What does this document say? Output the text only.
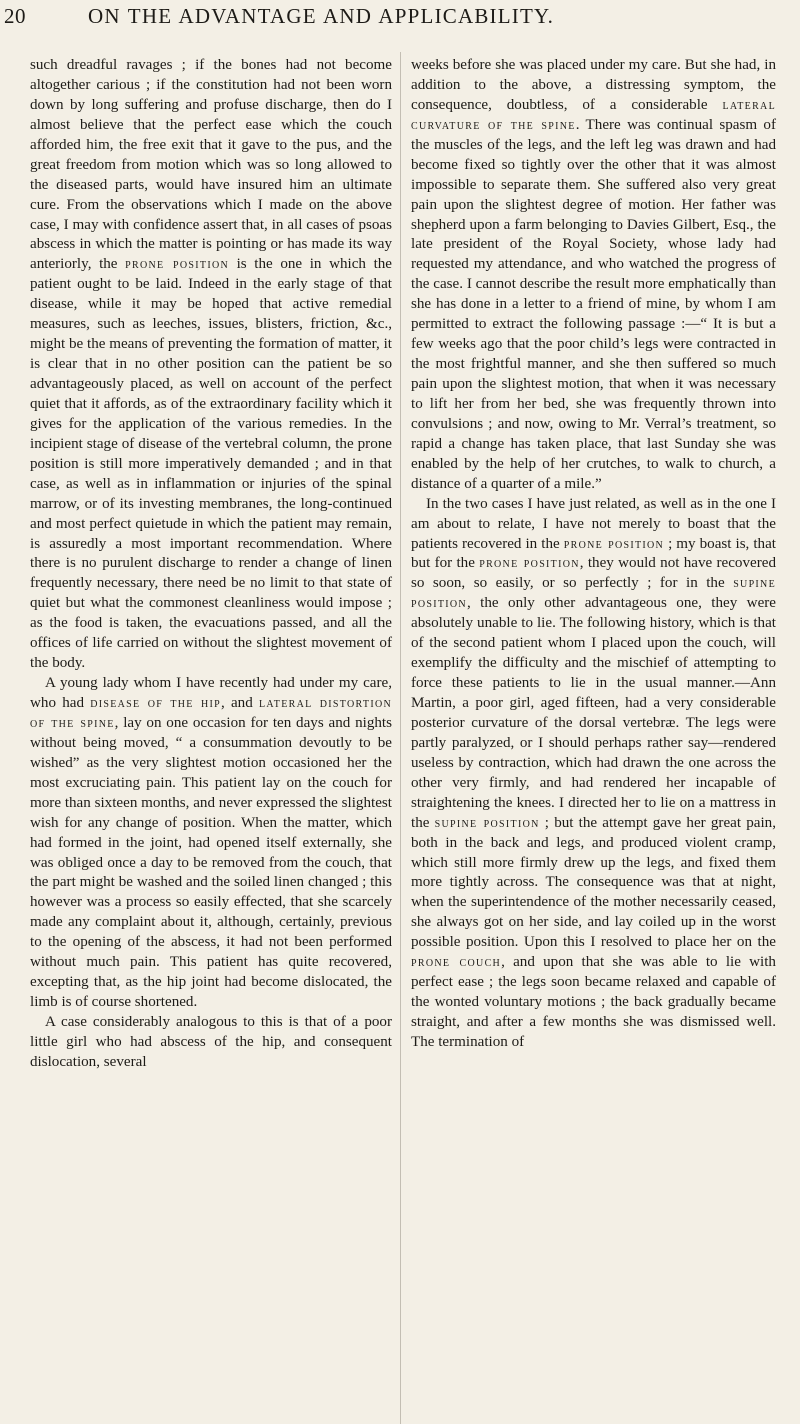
20	ON THE ADVANTAGE AND APPLICABILITY.

such dreadful ravages ; if the bones had not become altogether carious ; if the constitution had not been worn down by long suffering and profuse discharge, then do I almost believe that the perfect ease which the couch afforded him, the free exit that it gave to the pus, and the great freedom from motion which was so long allowed to the diseased parts, would have insured him an ultimate cure. From the observations which I made on the above case, I may with confidence assert that, in all cases of psoas abscess in which the matter is pointing or has made its way anteriorly, the prone position is the one in which the patient ought to be laid. Indeed in the early stage of that disease, while it may be hoped that active remedial measures, such as leeches, issues, blisters, friction, &c., might be the means of preventing the formation of matter, it is clear that in no other position can the patient be so advantageously placed, as well on account of the perfect quiet that it affords, as of the extraordinary facility which it gives for the application of the various remedies. In the incipient stage of disease of the vertebral column, the prone position is still more imperatively demanded ; and in that case, as well as in inflammation or injuries of the spinal marrow, or of its investing membranes, the long-continued and most perfect quietude in which the patient may remain, is assuredly a most important recommendation. Where there is no purulent discharge to render a change of linen frequently necessary, there need be no limit to that state of quiet but what the commonest cleanliness would impose ; as the food is taken, the evacuations passed, and all the offices of life carried on without the slightest movement of the body.

A young lady whom I have recently had under my care, who had disease of the hip, and lateral distortion of the spine, lay on one occasion for ten days and nights without being moved, “ a consummation devoutly to be wished” as the very slightest motion occasioned her the most excruciating pain. This patient lay on the couch for more than sixteen months, and never expressed the slightest wish for any change of position. When the matter, which had formed in the joint, had opened itself externally, she was obliged once a day to be removed from the couch, that the part might be washed and the soiled linen changed ; this however was a process so easily effected, that she scarcely made any complaint about it, although, certainly, previous to the opening of the abscess, it had not been performed without much pain. This patient has quite recovered, excepting that, as the hip joint had become dislocated, the limb is of course shortened.

A case considerably analogous to this is that of a poor little girl who had abscess of the hip, and consequent dislocation, several

weeks before she was placed under my care. But she had, in addition to the above, a distressing symptom, the consequence, doubtless, of a considerable lateral curvature of the spine. There was continual spasm of the muscles of the legs, and the left leg was drawn and had become fixed so tightly over the other that it was almost impossible to separate them. She suffered also very great pain upon the slightest degree of motion. Her father was shepherd upon a farm belonging to Davies Gilbert, Esq., the late president of the Royal Society, whose lady had requested my attendance, and who watched the progress of the case. I cannot describe the result more emphatically than she has done in a letter to a friend of mine, by whom I am permitted to extract the following passage :—“ It is but a few weeks ago that the poor child’s legs were contracted in the most frightful manner, and she then suffered so much pain upon the slightest motion, that when it was necessary to lift her from her bed, she was frequently thrown into convulsions ; and now, owing to Mr. Verral’s treatment, so rapid a change has taken place, that last Sunday she was enabled by the help of her crutches, to walk to church, a distance of a quarter of a mile.”

In the two cases I have just related, as well as in the one I am about to relate, I have not merely to boast that the patients recovered in the prone position ; my boast is, that but for the prone position, they would not have recovered so soon, so easily, or so perfectly ; for in the supine position, the only other advantageous one, they were absolutely unable to lie. The following history, which is that of the second patient whom I placed upon the couch, will exemplify the difficulty and the mischief of attempting to force these patients to lie in the usual manner.—Ann Martin, a poor girl, aged fifteen, had a very considerable posterior curvature of the dorsal vertebræ. The legs were partly paralyzed, or I should perhaps rather say—rendered useless by contraction, which had drawn the one across the other very firmly, and had rendered her incapable of straightening the knees. I directed her to lie on a mattress in the supine position ; but the attempt gave her great pain, both in the back and legs, and produced violent cramp, which still more firmly drew up the legs, and fixed them more tightly across. The consequence was that at night, when the superintendence of the mother necessarily ceased, she always got on her side, and lay coiled up in the worst possible position. Upon this I resolved to place her on the prone couch, and upon that she was able to lie with perfect ease ; the legs soon became relaxed and capable of the wonted voluntary motions ; the back gradually became straight, and after a few months she was dismissed well. The termination of
